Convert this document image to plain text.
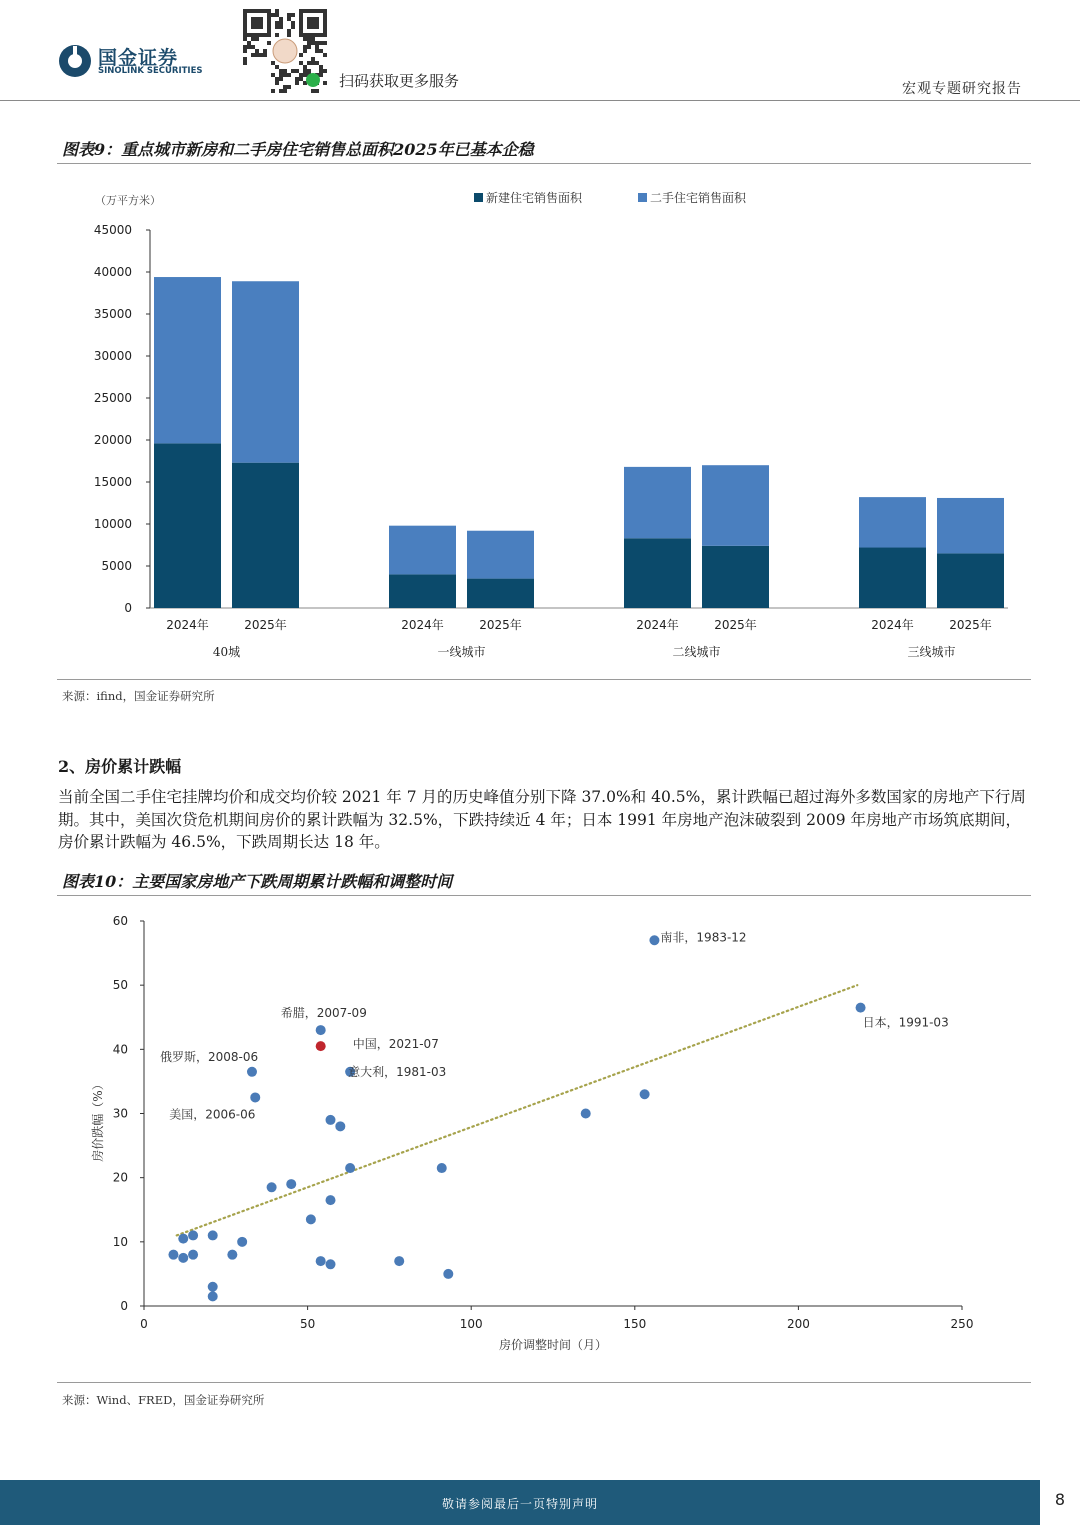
国金证券
SINOLINK SECURITIES
扫码获取更多服务	宏观专题研究报告
图表9：重点城市新房和二手房住宅销售总面积2025年已基本企稳
（万平方米）	新建住宅销售面积	二手住宅销售面积
0
5000
10000
15000
20000
25000
30000
35000
40000
45000
2024年	2025年	2024年	2025年	2024年	2025年	2024年	2025年
40城	一线城市	二线城市	三线城市
来源：ifind，国金证券研究所
2、房价累计跌幅
当前全国二手住宅挂牌均价和成交均价较 2021 年 7 月的历史峰值分别下降 37.0%和 40.5%，累计跌幅已超过海外多数国家的房地产下行周期。其中，美国次贷危机期间房价的累计跌幅为 32.5%，下跌持续近 4 年；日本 1991 年房地产泡沫破裂到 2009 年房地产市场筑底期间，房价累计跌幅为 46.5%，下跌周期长达 18 年。
图表10：主要国家房地产下跌周期累计跌幅和调整时间
0
10
20
30
40
50
60
0	50	100	150	200	250
房价调整时间（月）
房价跌幅（%）
南非，1983-12
日本，1991-03
希腊，2007-09
中国，2021-07
俄罗斯，2008-06
意大利，1981-03
美国，2006-06
来源：Wind、FRED，国金证券研究所
敬请参阅最后一页特别声明	8
